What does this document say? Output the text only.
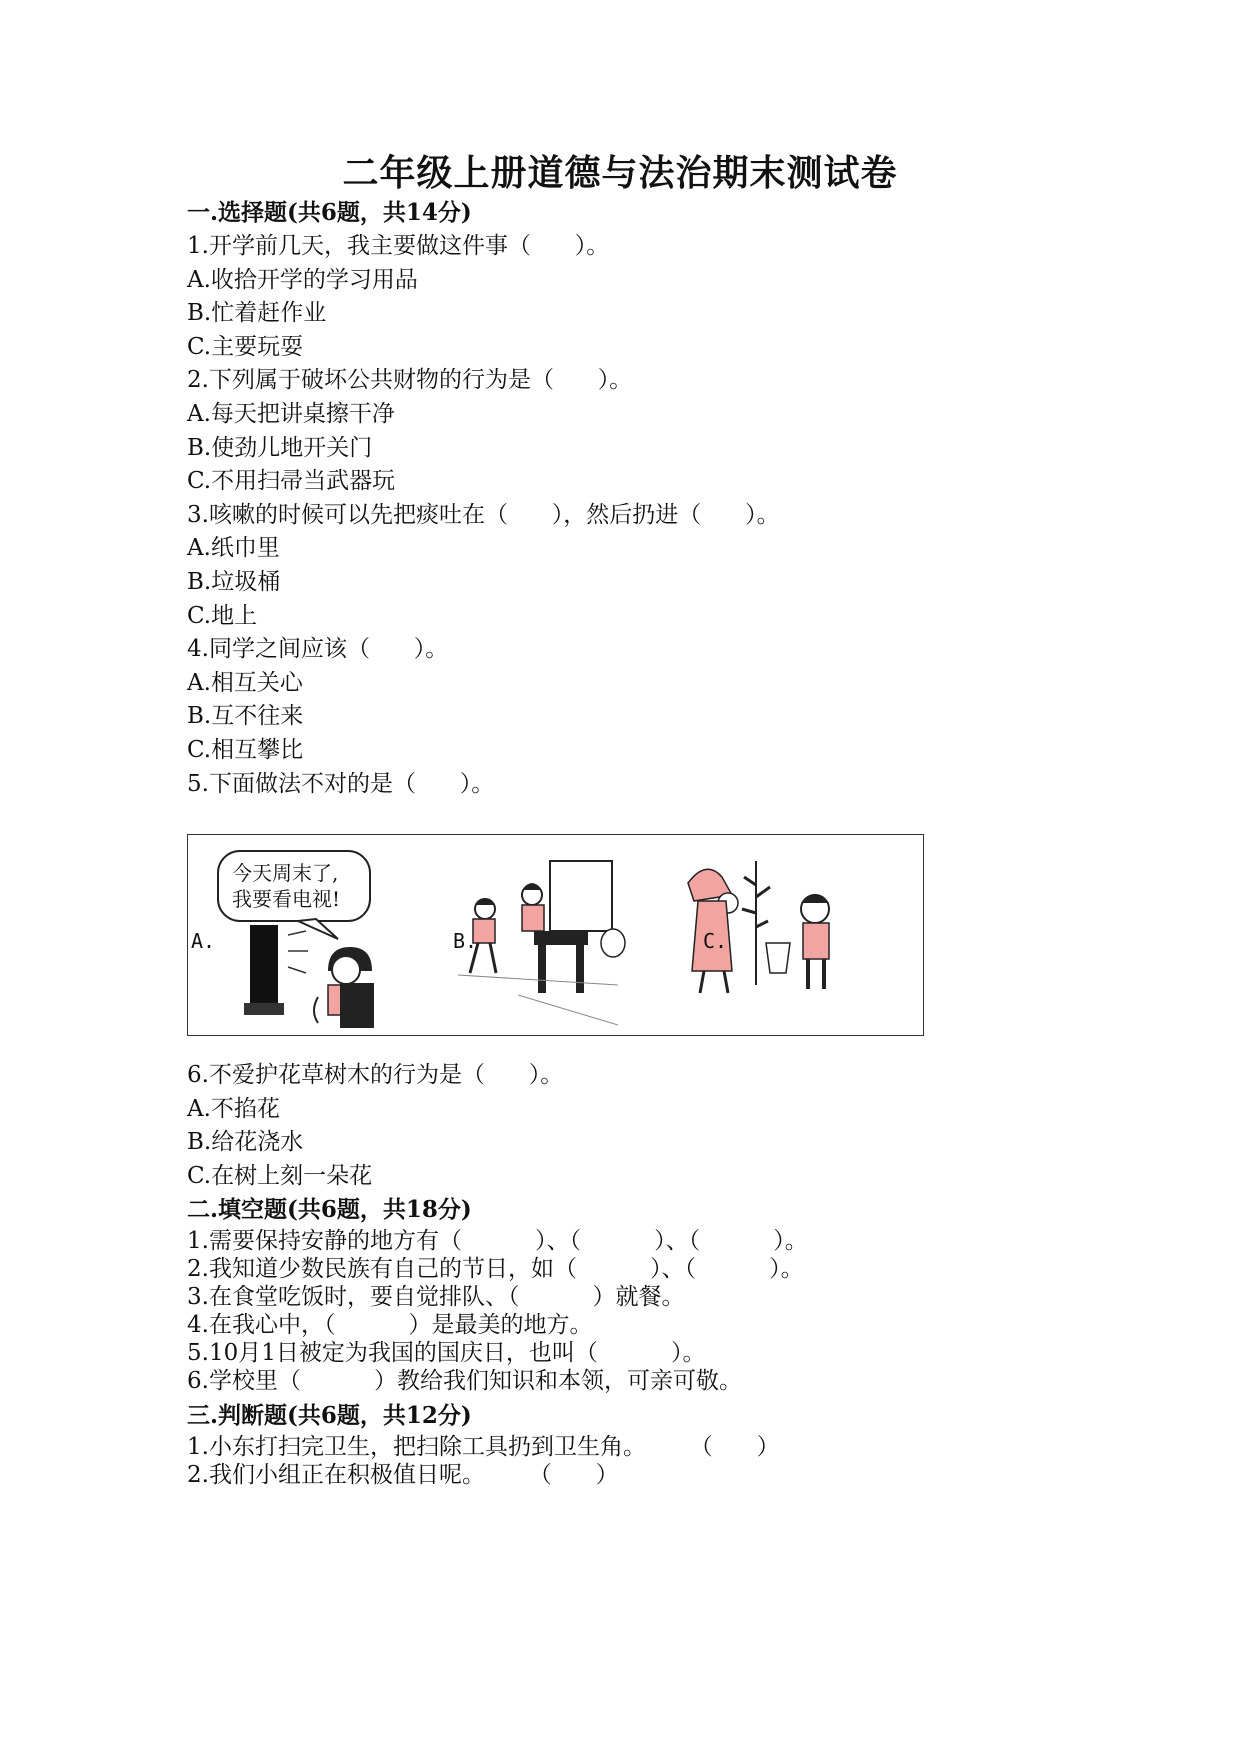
二年级上册道德与法治期末测试卷
一.选择题(共6题，共14分)
1.开学前几天，我主要做这件事（      ）。
A.收拾开学的学习用品
B.忙着赶作业
C.主要玩耍
2.下列属于破坏公共财物的行为是（      ）。
A.每天把讲桌擦干净
B.使劲儿地开关门
C.不用扫帚当武器玩
3.咳嗽的时候可以先把痰吐在（      ），然后扔进（      ）。
A.纸巾里
B.垃圾桶
C.地上
4.同学之间应该（      ）。
A.相互关心
B.互不往来
C.相互攀比
5.下面做法不对的是（      ）。
今天周末了,
我要看电视!
A.	B.	C.
6.不爱护花草树木的行为是（      ）。
A.不掐花
B.给花浇水
C.在树上刻一朵花
二.填空题(共6题，共18分)
1.需要保持安静的地方有（          ）、（          ）、（          ）。
2.我知道少数民族有自己的节日，如（          ）、（          ）。
3.在食堂吃饭时，要自觉排队、（          ）就餐。
4.在我心中，（          ）是最美的地方。
5.10月1日被定为我国的国庆日，也叫（          ）。
6.学校里（          ）教给我们知识和本领，可亲可敬。
三.判断题(共6题，共12分)
1.小东打扫完卫生，把扫除工具扔到卫生角。      （      ）
2.我们小组正在积极值日呢。      （      ）
